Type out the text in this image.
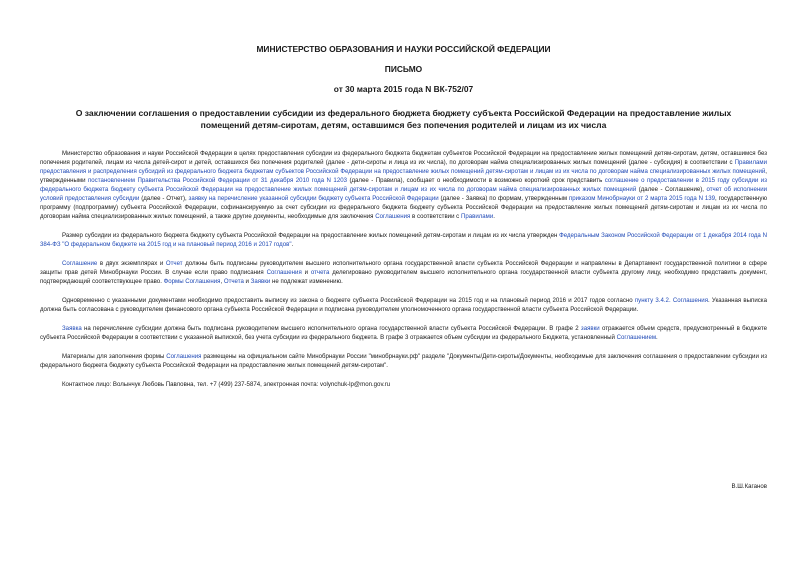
МИНИСТЕРСТВО ОБРАЗОВАНИЯ И НАУКИ РОССИЙСКОЙ ФЕДЕРАЦИИ
ПИСЬМО
от 30 марта 2015 года N ВК-752/07
О заключении соглашения о предоставлении субсидии из федерального бюджета бюджету субъекта Российской Федерации на предоставление жилых помещений детям-сиротам, детям, оставшимся без попечения родителей и лицам из их числа

Министерство образования и науки Российской Федерации в целях предоставления субсидии из федерального бюджета бюджетам субъектов Российской Федерации на предоставление жилых помещений детям-сиротам, детям, оставшимся без попечения родителей, лицам из числа детей-сирот и детей, оставшихся без попечения родителей (далее - дети-сироты и лица из их числа), по договорам найма специализированных жилых помещений (далее - субсидия) в соответствии с Правилами предоставления и распределения субсидий из федерального бюджета бюджетам субъектов Российской Федерации на предоставление жилых помещений детям-сиротам и лицам из их числа по договорам найма специализированных жилых помещений, утвержденными постановлением Правительства Российской Федерации от 31 декабря 2010 года N 1203 (далее - Правила), сообщает о необходимости в возможно короткий срок представить соглашение о предоставлении в 2015 году субсидии из федерального бюджета бюджету субъекта Российской Федерации на предоставление жилых помещений детям-сиротам и лицам из их числа по договорам найма специализированных жилых помещений (далее - Соглашение), отчет об исполнении условий предоставления субсидии (далее - Отчет), заявку на перечисление указанной субсидии бюджету субъекта Российской Федерации (далее - Заявка) по формам, утвержденным приказом Минобрнауки от 2 марта 2015 года N 139, государственную программу (подпрограмму) субъекта Российской Федерации, софинансируемую за счет субсидии из федерального бюджета бюджету субъекта Российской Федерации на предоставление жилых помещений детям-сиротам и лицам из их числа по договорам найма специализированных жилых помещений, а также другие документы, необходимые для заключения Соглашения в соответствии с Правилами.

Размер субсидии из федерального бюджета бюджету субъекта Российской Федерации на предоставление жилых помещений детям-сиротам и лицам из их числа утвержден Федеральным Законом Российской Федерации от 1 декабря 2014 года N 384-ФЗ "О федеральном бюджете на 2015 год и на плановый период 2016 и 2017 годов".

Соглашение в двух экземплярах и Отчет должны быть подписаны руководителем высшего исполнительного органа государственной власти субъекта Российской Федерации и направлены в Департамент государственной политики в сфере защиты прав детей Минобрнауки России. В случае если право подписания Соглашения и отчета делегировано руководителем высшего исполнительного органа государственной власти субъекта другому лицу, необходимо представить документ, подтверждающий соответствующее право. Формы Соглашения, Отчета и Заявки не подлежат изменению.

Одновременно с указанными документами необходимо предоставить выписку из закона о бюджете субъекта Российской Федерации на 2015 год и на плановый период 2016 и 2017 годов согласно пункту 3.4.2. Соглашения. Указанная выписка должна быть согласована с руководителем финансового органа субъекта Российской Федерации и подписана руководителем уполномоченного органа государственной власти субъекта Российской Федерации.

Заявка на перечисление субсидии должна быть подписана руководителем высшего исполнительного органа государственной власти субъекта Российской Федерации. В графе 2 заявки отражается объем средств, предусмотренный в бюджете субъекта Российской Федерации в соответствии с указанной выпиской, без учета субсидии из федерального бюджета. В графе 3 отражается объем субсидии из федерального Бюджета, установленный Соглашением.

Материалы для заполнения формы Соглашения размещены на официальном сайте Минобрнауки России "минобрнауки.рф" разделе "Документы/Дети-сироты/Документы, необходимые для заключения соглашения о предоставлении субсидии из федерального бюджета бюджету субъекта Российской Федерации на предоставление жилых помещений детям-сиротам".

Контактное лицо: Волынчук Любовь Павловна, тел. +7 (499) 237-5874, электронная почта: volynchuk-lp@mon.gov.ru

В.Ш.Каганов
